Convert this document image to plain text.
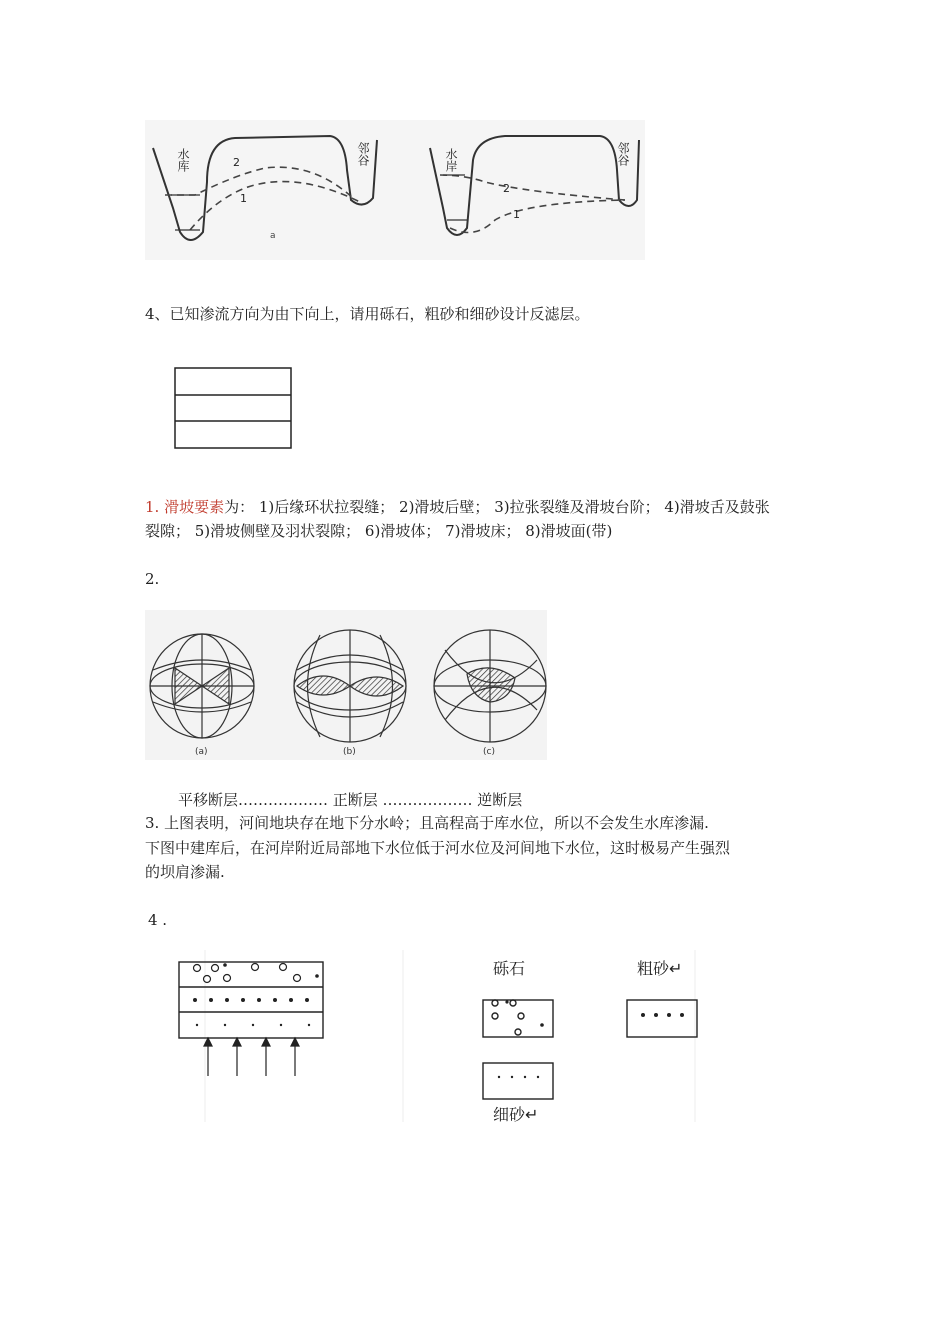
水库	邻谷
2
1
a
水岸	邻谷
2
1
4、已知渗流方向为由下向上，请用砾石，粗砂和细砂设计反滤层。
1. 滑坡要素为： 1)后缘环状拉裂缝； 2)滑坡后壁； 3)拉张裂缝及滑坡台阶； 4)滑坡舌及鼓张
裂隙； 5)滑坡侧壁及羽状裂隙； 6)滑坡体； 7)滑坡床； 8)滑坡面(带)
2.
(a)	(b)	(c)
平移断层……………… 正断层 ……………… 逆断层
3. 上图表明，河间地块存在地下分水岭；且高程高于库水位，所以不会发生水库渗漏.
下图中建库后，在河岸附近局部地下水位低于河水位及河间地下水位，这时极易产生强烈
的坝肩渗漏.
4 .
砾石	粗砂↵
细砂↵
